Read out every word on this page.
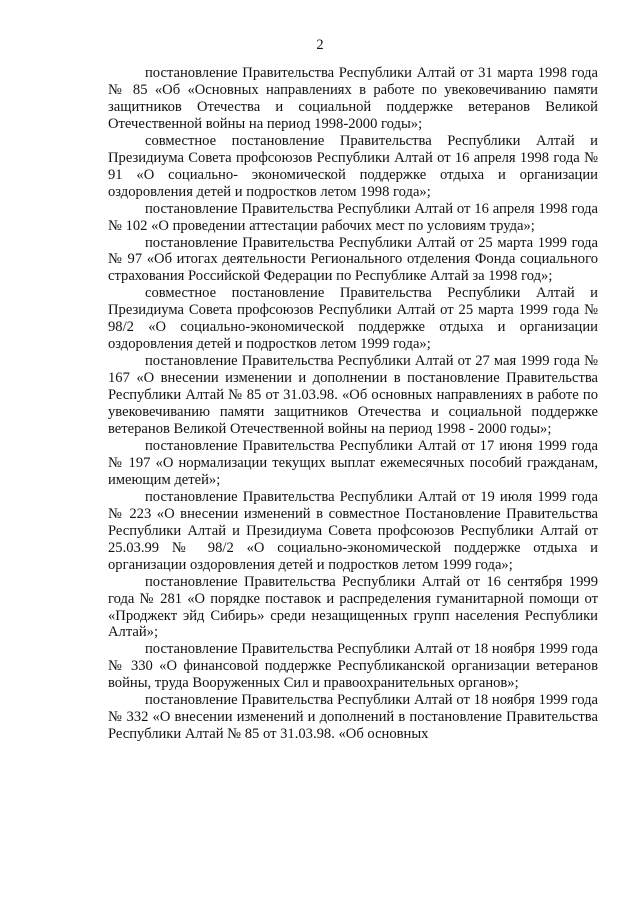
2

постановление Правительства Республики Алтай от 31 марта 1998 года № 85 «Об «Основных направлениях в работе по увековечиванию памяти защитников Отечества и социальной поддержке ветеранов Великой Отечественной войны на период 1998-2000 годы»;

совместное постановление Правительства Республики Алтай и Президиума Совета профсоюзов Республики Алтай от 16 апреля 1998 года № 91 «О социально- экономической поддержке отдыха и организации оздоровления детей и подростков летом 1998 года»;

постановление Правительства Республики Алтай от 16 апреля 1998 года № 102 «О проведении аттестации рабочих мест по условиям труда»;

постановление Правительства Республики Алтай от 25 марта 1999 года № 97 «Об итогах деятельности Регионального отделения Фонда социального страхования Российской Федерации по Республике Алтай за 1998 год»;

совместное постановление Правительства Республики Алтай и Президиума Совета профсоюзов Республики Алтай от 25 марта 1999 года № 98/2 «О социально-экономической поддержке отдыха и организации оздоровления детей и подростков летом 1999 года»;

постановление Правительства Республики Алтай от 27 мая 1999 года № 167 «О внесении изменении и дополнении в постановление Правительства Республики Алтай № 85 от 31.03.98. «Об основных направлениях в работе по увековечиванию памяти защитников Отечества и социальной поддержке ветеранов Великой Отечественной войны на период 1998 - 2000 годы»;

постановление Правительства Республики Алтай от 17 июня 1999 года № 197 «О нормализации текущих выплат ежемесячных пособий гражданам, имеющим детей»;

постановление Правительства Республики Алтай от 19 июля 1999 года № 223 «О внесении изменений в совместное Постановление Правительства Республики Алтай и Президиума Совета профсоюзов Республики Алтай от 25.03.99 № 98/2 «О социально-экономической поддержке отдыха и организации оздоровления детей и подростков летом 1999 года»;

постановление Правительства Республики Алтай от 16 сентября 1999 года № 281 «О порядке поставок и распределения гуманитарной помощи от «Проджект эйд Сибирь» среди незащищенных групп населения Республики Алтай»;

постановление Правительства Республики Алтай от 18 ноября 1999 года № 330 «О финансовой поддержке Республиканской организации ветеранов войны, труда Вооруженных Сил и правоохранительных органов»;

постановление Правительства Республики Алтай от 18 ноября 1999 года № 332 «О внесении изменений и дополнений в постановление Правительства Республики Алтай № 85 от 31.03.98. «Об основных
